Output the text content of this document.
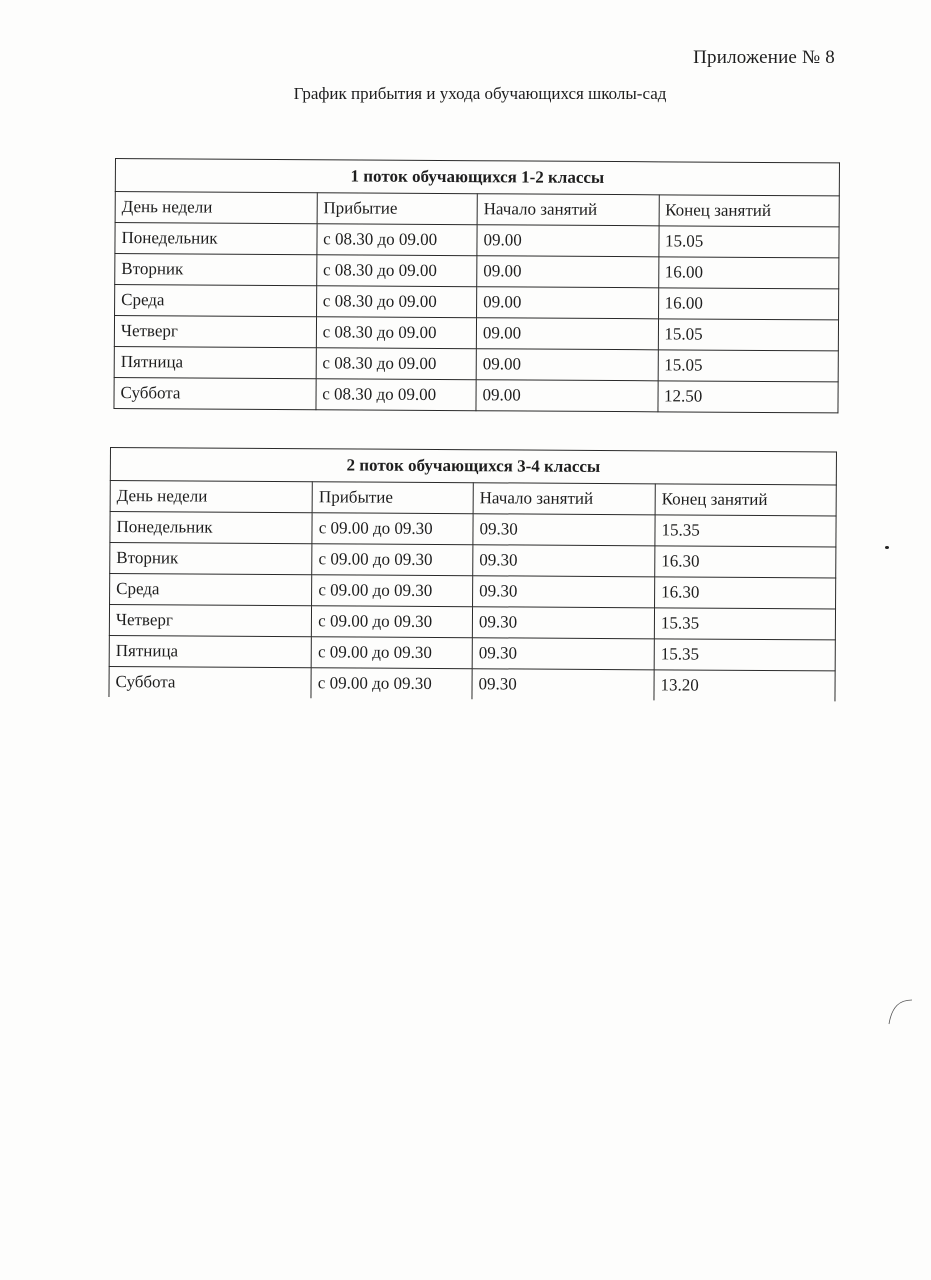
Приложение № 8
График прибытия и ухода обучающихся школы-сад
1 поток обучающихся 1-2 классы			
День недели	Прибытие	Начало занятий	Конец занятий
Понедельник	с 08.30 до 09.00	09.00	15.05
Вторник	с 08.30 до 09.00	09.00	16.00
Среда	с 08.30 до 09.00	09.00	16.00
Четверг	с 08.30 до 09.00	09.00	15.05
Пятница	с 08.30 до 09.00	09.00	15.05
Суббота	с 08.30 до 09.00	09.00	12.50
2 поток обучающихся 3-4 классы			
День недели	Прибытие	Начало занятий	Конец занятий
Понедельник	с 09.00 до 09.30	09.30	15.35
Вторник	с 09.00 до 09.30	09.30	16.30
Среда	с 09.00 до 09.30	09.30	16.30
Четверг	с 09.00 до 09.30	09.30	15.35
Пятница	с 09.00 до 09.30	09.30	15.35
Суббота	с 09.00 до 09.30	09.30	13.20
